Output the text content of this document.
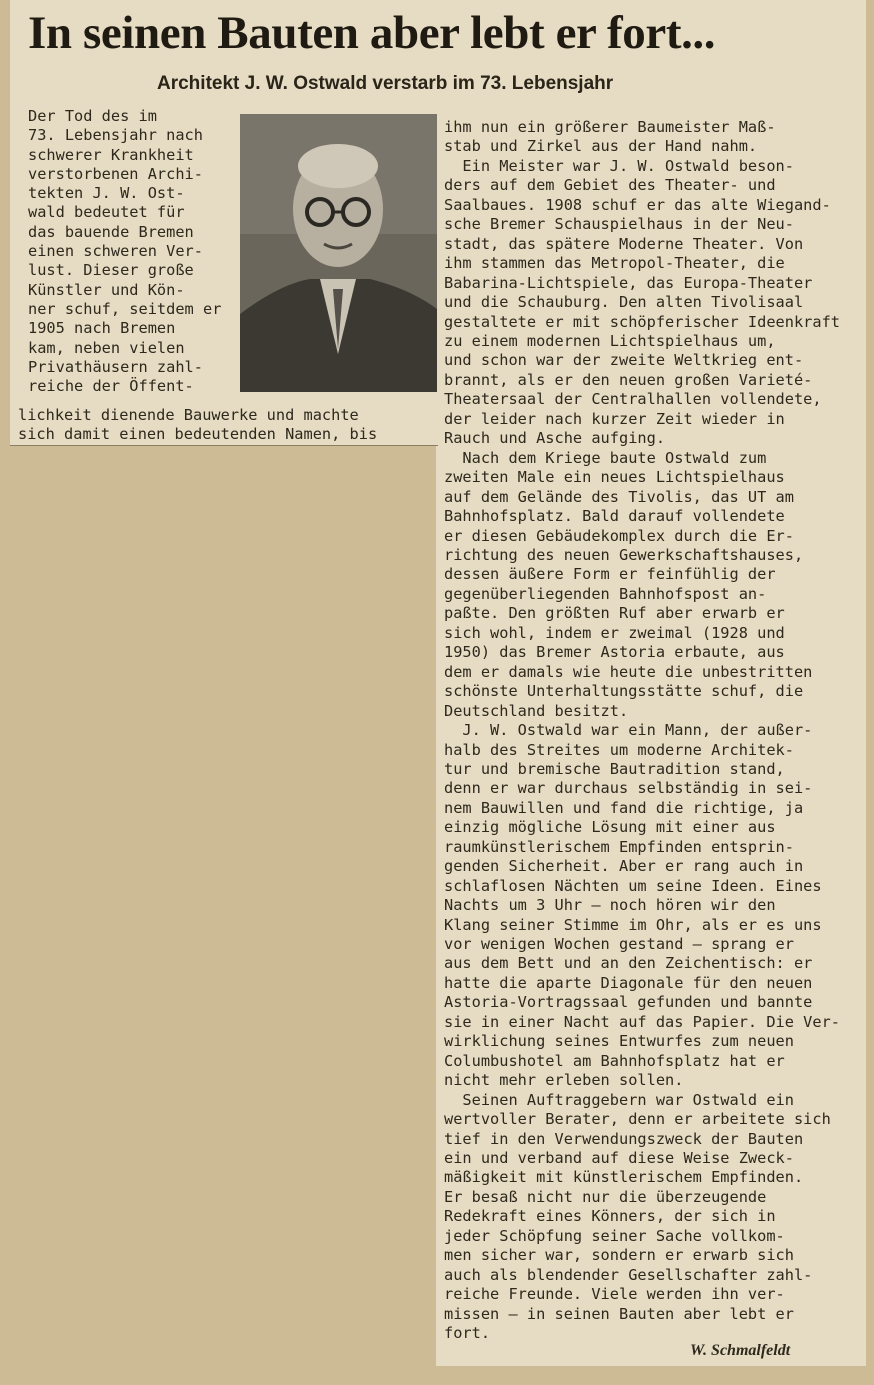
In seinen Bauten aber lebt er fort...
Architekt J. W. Ostwald verstarb im 73. Lebensjahr

Der Tod des im

73. Lebensjahr nach

schwerer Krankheit

verstorbenen Archi-

tekten J. W. Ost-

wald bedeutet für

das bauende Bremen

einen schweren Ver-

lust. Dieser große

Künstler und Kön-

ner schuf, seitdem er

1905 nach Bremen

kam, neben vielen

Privathäusern zahl-

reiche der Öffent-

lichkeit dienende Bauwerke und machte

sich damit einen bedeutenden Namen, bis

ihm nun ein größerer Baumeister Maß-

stab und Zirkel aus der Hand nahm.

Ein Meister war J. W. Ostwald beson-

ders auf dem Gebiet des Theater- und

Saalbaues. 1908 schuf er das alte Wiegand-

sche Bremer Schauspielhaus in der Neu-

stadt, das spätere Moderne Theater. Von

ihm stammen das Metropol-Theater, die

Babarina-Lichtspiele, das Europa-Theater

und die Schauburg. Den alten Tivolisaal

gestaltete er mit schöpferischer Ideenkraft

zu einem modernen Lichtspielhaus um,

und schon war der zweite Weltkrieg ent-

brannt, als er den neuen großen Varieté-

Theatersaal der Centralhallen vollendete,

der leider nach kurzer Zeit wieder in

Rauch und Asche aufging.

Nach dem Kriege baute Ostwald zum

zweiten Male ein neues Lichtspielhaus

auf dem Gelände des Tivolis, das UT am

Bahnhofsplatz. Bald darauf vollendete

er diesen Gebäudekomplex durch die Er-

richtung des neuen Gewerkschaftshauses,

dessen äußere Form er feinfühlig der

gegenüberliegenden Bahnhofspost an-

paßte. Den größten Ruf aber erwarb er

sich wohl, indem er zweimal (1928 und

1950) das Bremer Astoria erbaute, aus

dem er damals wie heute die unbestritten

schönste Unterhaltungsstätte schuf, die

Deutschland besitzt.

J. W. Ostwald war ein Mann, der außer-

halb des Streites um moderne Architek-

tur und bremische Bautradition stand,

denn er war durchaus selbständig in sei-

nem Bauwillen und fand die richtige, ja

einzig mögliche Lösung mit einer aus

raumkünstlerischem Empfinden entsprin-

genden Sicherheit. Aber er rang auch in

schlaflosen Nächten um seine Ideen. Eines

Nachts um 3 Uhr — noch hören wir den

Klang seiner Stimme im Ohr, als er es uns

vor wenigen Wochen gestand — sprang er

aus dem Bett und an den Zeichentisch: er

hatte die aparte Diagonale für den neuen

Astoria-Vortragssaal gefunden und bannte

sie in einer Nacht auf das Papier. Die Ver-

wirklichung seines Entwurfes zum neuen

Columbushotel am Bahnhofsplatz hat er

nicht mehr erleben sollen.

Seinen Auftraggebern war Ostwald ein

wertvoller Berater, denn er arbeitete sich

tief in den Verwendungszweck der Bauten

ein und verband auf diese Weise Zweck-

mäßigkeit mit künstlerischem Empfinden.

Er besaß nicht nur die überzeugende

Redekraft eines Könners, der sich in

jeder Schöpfung seiner Sache vollkom-

men sicher war, sondern er erwarb sich

auch als blendender Gesellschafter zahl-

reiche Freunde. Viele werden ihn ver-

missen — in seinen Bauten aber lebt er

fort.

W. Schmalfeldt
